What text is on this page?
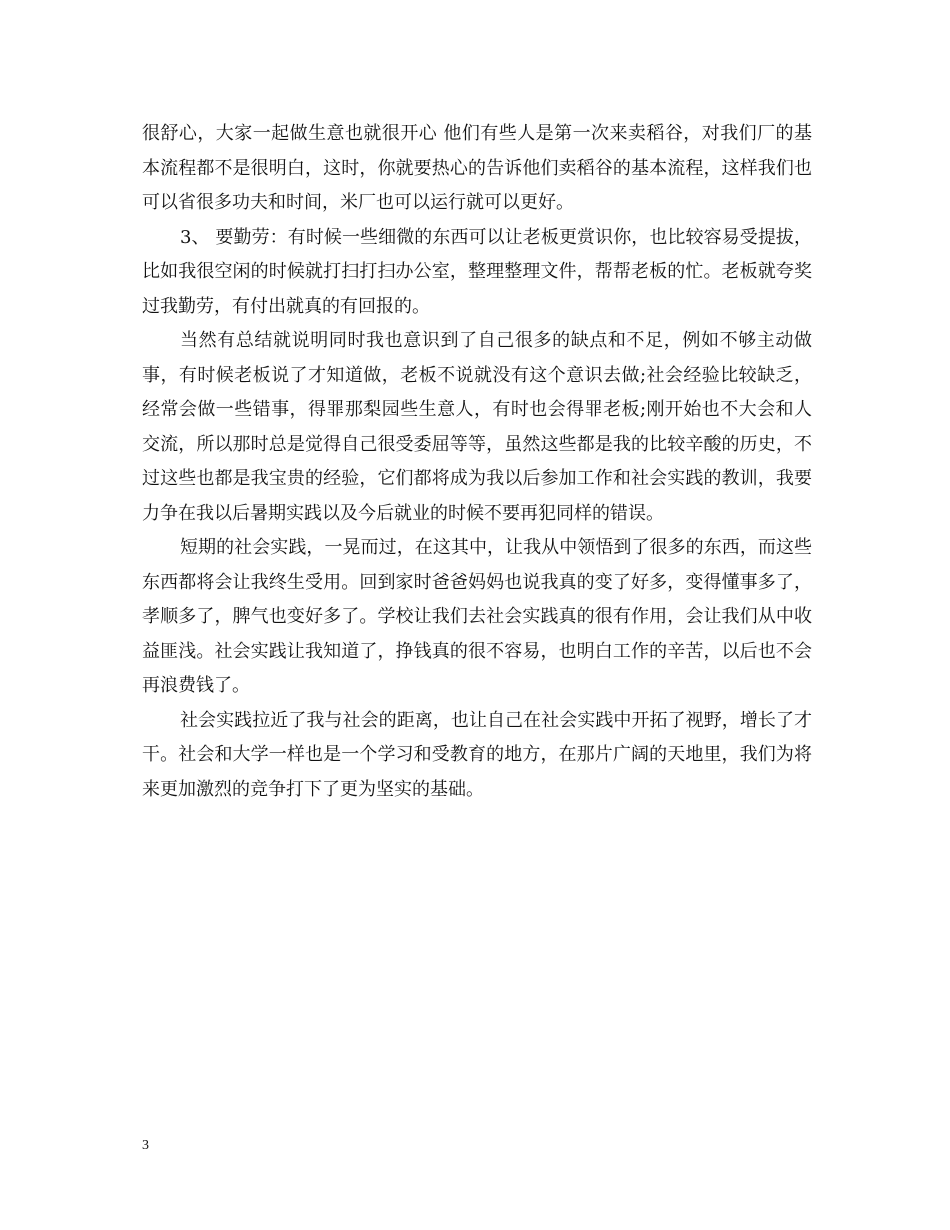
很舒心，大家一起做生意也就很开心 他们有些人是第一次来卖稻谷，对我们厂的基本流程都不是很明白，这时，你就要热心的告诉他们卖稻谷的基本流程，这样我们也可以省很多功夫和时间，米厂也可以运行就可以更好。

3、 要勤劳：有时候一些细微的东西可以让老板更赏识你，也比较容易受提拔，比如我很空闲的时候就打扫打扫办公室，整理整理文件，帮帮老板的忙。老板就夸奖过我勤劳，有付出就真的有回报的。

当然有总结就说明同时我也意识到了自己很多的缺点和不足，例如不够主动做事，有时候老板说了才知道做，老板不说就没有这个意识去做;社会经验比较缺乏，经常会做一些错事，得罪那梨园些生意人，有时也会得罪老板;刚开始也不大会和人交流，所以那时总是觉得自己很受委屈等等，虽然这些都是我的比较辛酸的历史，不过这些也都是我宝贵的经验，它们都将成为我以后参加工作和社会实践的教训，我要力争在我以后暑期实践以及今后就业的时候不要再犯同样的错误。

短期的社会实践，一晃而过，在这其中，让我从中领悟到了很多的东西，而这些东西都将会让我终生受用。回到家时爸爸妈妈也说我真的变了好多，变得懂事多了，孝顺多了，脾气也变好多了。学校让我们去社会实践真的很有作用，会让我们从中收益匪浅。社会实践让我知道了，挣钱真的很不容易，也明白工作的辛苦，以后也不会再浪费钱了。

社会实践拉近了我与社会的距离，也让自己在社会实践中开拓了视野，增长了才干。社会和大学一样也是一个学习和受教育的地方，在那片广阔的天地里，我们为将来更加激烈的竞争打下了更为坚实的基础。

3
